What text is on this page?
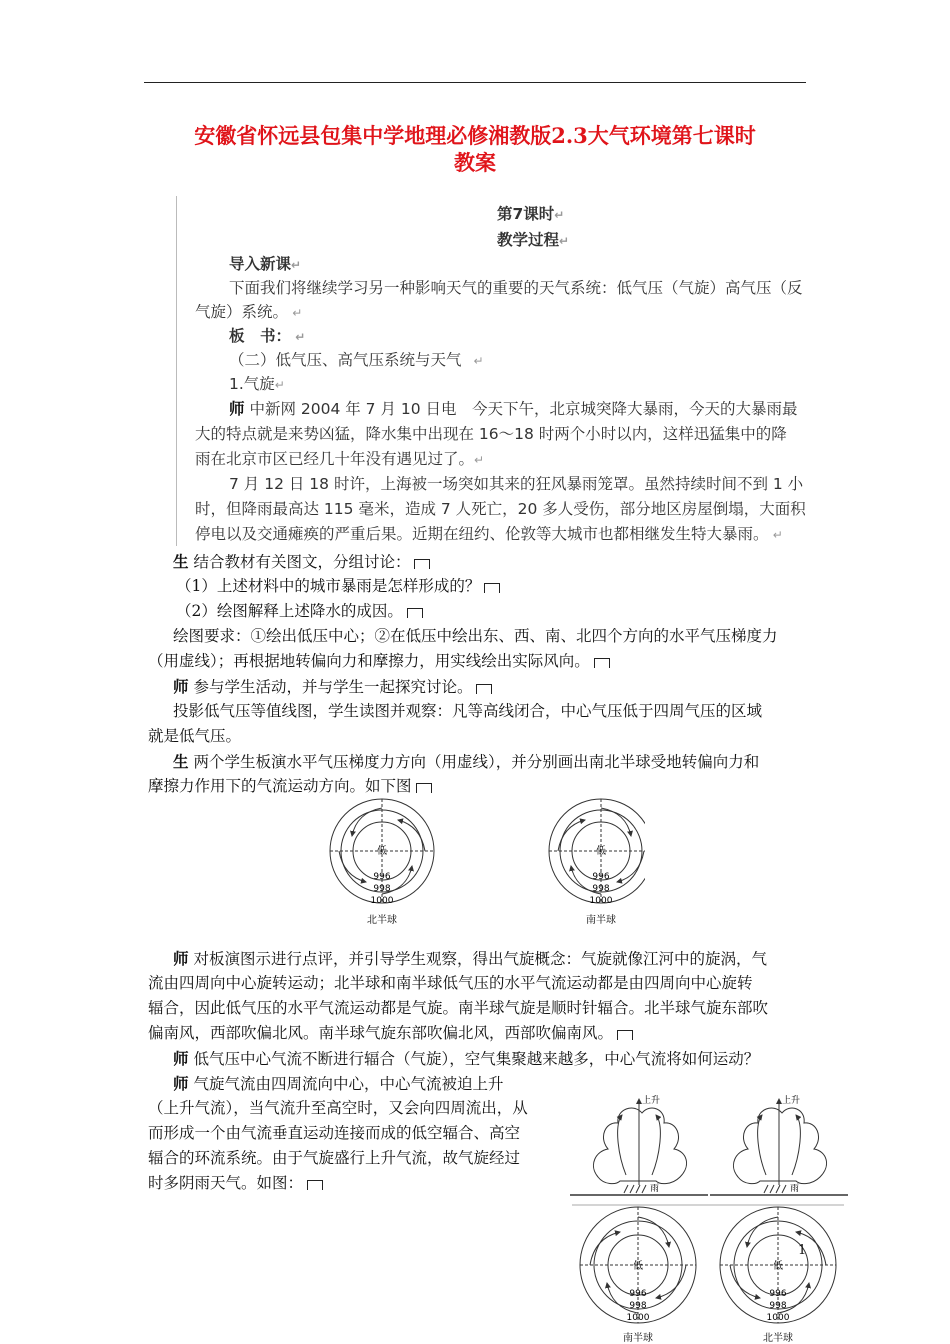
安徽省怀远县包集中学地理必修湘教版2.3大气环境第七课时
教案
第7课时↵
教学过程↵
导入新课↵
下面我们将继续学习另一种影响天气的重要的天气系统：低气压（气旋）高气压（反
气旋）系统。　↵
板　书：　↵
（二）低气压、高气压系统与天气　↵
1.气旋↵
师 中新网 2004 年 7 月 10 日电　今天下午，北京城突降大暴雨，今天的大暴雨最
大的特点就是来势凶猛，降水集中出现在 16～18 时两个小时以内，这样迅猛集中的降
雨在北京市区已经几十年没有遇见过了。↵
7 月 12 日 18 时许，上海被一场突如其来的狂风暴雨笼罩。虽然持续时间不到 1 小
时，但降雨最高达 115 毫米，造成 7 人死亡，20 多人受伤，部分地区房屋倒塌，大面积
停电以及交通瘫痪的严重后果。近期在纽约、伦敦等大城市也都相继发生特大暴雨。　↵
生 结合教材有关图文，分组讨论：
（1）上述材料中的城市暴雨是怎样形成的？
（2）绘图解释上述降水的成因。
绘图要求：①绘出低压中心；②在低压中绘出东、西、南、北四个方向的水平气压梯度力
（用虚线）；再根据地转偏向力和摩擦力，用实线绘出实际风向。
师 参与学生活动，并与学生一起探究讨论。
投影低气压等值线图，学生读图并观察：凡等高线闭合，中心气压低于四周气压的区域
就是低气压。
生 两个学生板演水平气压梯度力方向（用虚线），并分别画出南北半球受地转偏向力和
摩擦力作用下的气流运动方向。如下图
低
996
998
1000
北半球
低
996
998
1000
南半球
师 对板演图示进行点评，并引导学生观察，得出气旋概念：气旋就像江河中的旋涡，气
流由四周向中心旋转运动；北半球和南半球低气压的水平气流运动都是由四周向中心旋转
辐合，因此低气压的水平气流运动都是气旋。南半球气旋是顺时针辐合。北半球气旋东部吹
偏南风，西部吹偏北风。南半球气旋东部吹偏北风，西部吹偏南风。
师 低气压中心气流不断进行辐合（气旋），空气集聚越来越多，中心气流将如何运动？
师 气旋气流由四周流向中心，中心气流被迫上升
（上升气流），当气流升至高空时，又会向四周流出，从
而形成一个由气流垂直运动连接而成的低空辐合、高空
辐合的环流系统。由于气旋盛行上升气流，故气旋经过
时多阴雨天气。如图：
上升
雨
上升
雨
低
996
998
1000
南半球
低
996
998
1000
北半球
1
